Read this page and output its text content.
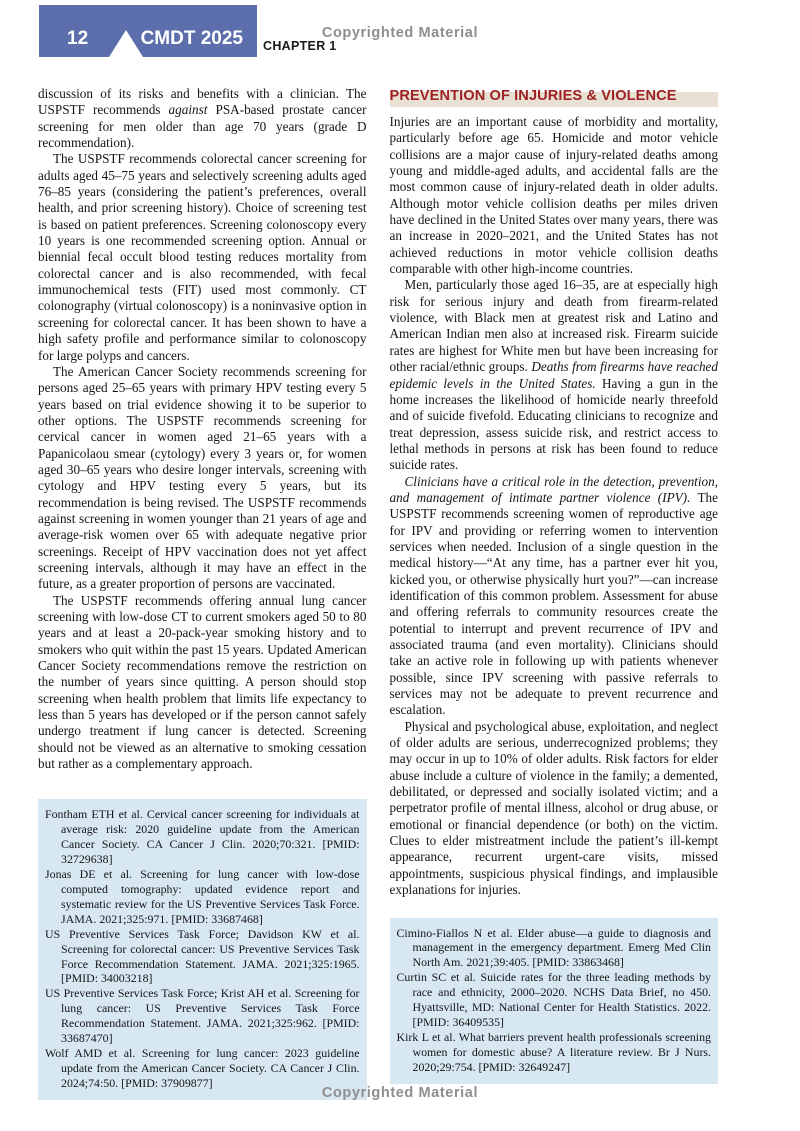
Copyrighted Material
12	CMDT 2025 CHAPTER 1

discussion of its risks and benefits with a clinician. The USPSTF recommends against PSA-based prostate cancer screening for men older than age 70 years (grade D recommendation).

The USPSTF recommends colorectal cancer screening for adults aged 45–75 years and selectively screening adults aged 76–85 years (considering the patient’s preferences, overall health, and prior screening history). Choice of screening test is based on patient preferences. Screening colonoscopy every 10 years is one recommended screening option. Annual or biennial fecal occult blood testing reduces mortality from colorectal cancer and is also recommended, with fecal immunochemical tests (FIT) used most commonly. CT colonography (virtual colonoscopy) is a noninvasive option in screening for colorectal cancer. It has been shown to have a high safety profile and performance similar to colonoscopy for large polyps and cancers.

The American Cancer Society recommends screening for persons aged 25–65 years with primary HPV testing every 5 years based on trial evidence showing it to be superior to other options. The USPSTF recommends screening for cervical cancer in women aged 21–65 years with a Papanicolaou smear (cytology) every 3 years or, for women aged 30–65 years who desire longer intervals, screening with cytology and HPV testing every 5 years, but its recommendation is being revised. The USPSTF recommends against screening in women younger than 21 years of age and average-risk women over 65 with adequate negative prior screenings. Receipt of HPV vaccination does not yet affect screening intervals, although it may have an effect in the future, as a greater proportion of persons are vaccinated.

The USPSTF recommends offering annual lung cancer screening with low-dose CT to current smokers aged 50 to 80 years and at least a 20-pack-year smoking history and to smokers who quit within the past 15 years. Updated American Cancer Society recommendations remove the restriction on the number of years since quitting. A person should stop screening when health problem that limits life expectancy to less than 5 years has developed or if the person cannot safely undergo treatment if lung cancer is detected. Screening should not be viewed as an alternative to smoking cessation but rather as a complementary approach.

Fontham ETH et al. Cervical cancer screening for individuals at average risk: 2020 guideline update from the American Cancer Society. CA Cancer J Clin. 2020;70:321. [PMID: 32729638]

Jonas DE et al. Screening for lung cancer with low-dose computed tomography: updated evidence report and systematic review for the US Preventive Services Task Force. JAMA. 2021;325:971. [PMID: 33687468]

US Preventive Services Task Force; Davidson KW et al. Screening for colorectal cancer: US Preventive Services Task Force Recommendation Statement. JAMA. 2021;325:1965. [PMID: 34003218]

US Preventive Services Task Force; Krist AH et al. Screening for lung cancer: US Preventive Services Task Force Recommendation Statement. JAMA. 2021;325:962. [PMID: 33687470]

Wolf AMD et al. Screening for lung cancer: 2023 guideline update from the American Cancer Society. CA Cancer J Clin. 2024;74:50. [PMID: 37909877]

PREVENTION OF INJURIES & VIOLENCE

Injuries are an important cause of morbidity and mortality, particularly before age 65. Homicide and motor vehicle collisions are a major cause of injury-related deaths among young and middle-aged adults, and accidental falls are the most common cause of injury-related death in older adults. Although motor vehicle collision deaths per miles driven have declined in the United States over many years, there was an increase in 2020–2021, and the United States has not achieved reductions in motor vehicle collision deaths comparable with other high-income countries.

Men, particularly those aged 16–35, are at especially high risk for serious injury and death from firearm-related violence, with Black men at greatest risk and Latino and American Indian men also at increased risk. Firearm suicide rates are highest for White men but have been increasing for other racial/ethnic groups. Deaths from firearms have reached epidemic levels in the United States. Having a gun in the home increases the likelihood of homicide nearly threefold and of suicide fivefold. Educating clinicians to recognize and treat depression, assess suicide risk, and restrict access to lethal methods in persons at risk has been found to reduce suicide rates.

Clinicians have a critical role in the detection, prevention, and management of intimate partner violence (IPV). The USPSTF recommends screening women of reproductive age for IPV and providing or referring women to intervention services when needed. Inclusion of a single question in the medical history—“At any time, has a partner ever hit you, kicked you, or otherwise physically hurt you?”—can increase identification of this common problem. Assessment for abuse and offering referrals to community resources create the potential to interrupt and prevent recurrence of IPV and associated trauma (and even mortality). Clinicians should take an active role in following up with patients whenever possible, since IPV screening with passive referrals to services may not be adequate to prevent recurrence and escalation.

Physical and psychological abuse, exploitation, and neglect of older adults are serious, underrecognized problems; they may occur in up to 10% of older adults. Risk factors for elder abuse include a culture of violence in the family; a demented, debilitated, or depressed and socially isolated victim; and a perpetrator profile of mental illness, alcohol or drug abuse, or emotional or financial dependence (or both) on the victim. Clues to elder mistreatment include the patient’s ill-kempt appearance, recurrent urgent-care visits, missed appointments, suspicious physical findings, and implausible explanations for injuries.

Cimino-Fiallos N et al. Elder abuse—a guide to diagnosis and management in the emergency department. Emerg Med Clin North Am. 2021;39:405. [PMID: 33863468]

Curtin SC et al. Suicide rates for the three leading methods by race and ethnicity, 2000–2020. NCHS Data Brief, no 450. Hyattsville, MD: National Center for Health Statistics. 2022. [PMID: 36409535]

Kirk L et al. What barriers prevent health professionals screening women for domestic abuse? A literature review. Br J Nurs. 2020;29:754. [PMID: 32649247]

Copyrighted Material
